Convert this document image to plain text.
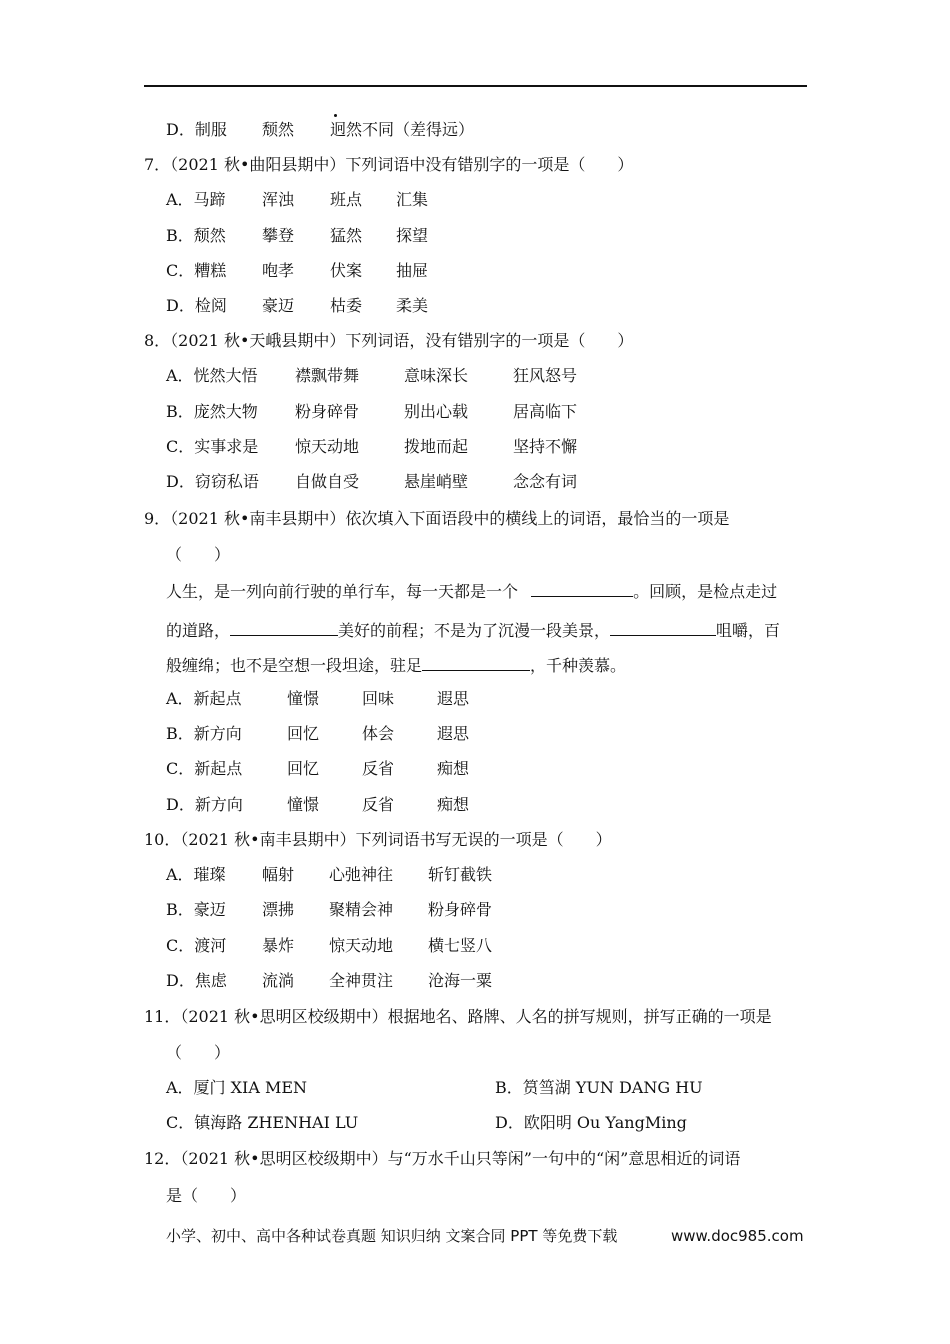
D．制服 颓然 迥然不同（差得远）
7．（2021 秋•曲阳县期中）下列词语中没有错别字的一项是（　　）
A．马蹄 浑浊 班点 汇集
B．颓然 攀登 猛然 探望
C．糟糕 咆孝 伏案 抽屉
D．检阅 豪迈 枯委 柔美
8．（2021 秋•天峨县期中）下列词语，没有错别字的一项是（　　）
A．恍然大悟 襟飘带舞	意味深长	狂风怒号
B．庞然大物 粉身碎骨	别出心载	居高临下
C．实事求是 惊天动地	拨地而起	坚持不懈
D．窃窃私语 自做自受	悬崖峭壁	念念有词
9．（2021 秋•南丰县期中）依次填入下面语段中的横线上的词语，最恰当的一项是
（　　）
人生，是一列向前行驶的单行车，每一天都是一个	。回顾，是检点走过
的道路，	美好的前程；不是为了沉漫一段美景，	咀嚼，百
般缠绵；也不是空想一段坦途，驻足	，千种羡慕。
A．新起点	憧憬	回味	遐思
B．新方向	回忆	体会	遐思
C．新起点	回忆	反省	痴想
D．新方向	憧憬	反省	痴想
10．（2021 秋•南丰县期中）下列词语书写无误的一项是（　　）
A．璀璨 幅射 心弛神往 斩钉截铁
B．豪迈 漂拂 聚精会神 粉身碎骨
C．渡河 暴炸 惊天动地 横七竖八
D．焦虑 流淌 全神贯注 沧海一粟
11．（2021 秋•思明区校级期中）根据地名、路牌、人名的拼写规则，拼写正确的一项是
（　　）
A．厦门 XIA MEN	B．筼筜湖 YUN DANG HU
C．镇海路 ZHENHAI LU	D．欧阳明 Ou YangMing
12．（2021 秋•思明区校级期中）与“万水千山只等闲”一句中的“闲”意思相近的词语
是（　　）
小学、初中、高中各种试卷真题 知识归纳 文案合同 PPT 等免费下载	www.doc985.com
